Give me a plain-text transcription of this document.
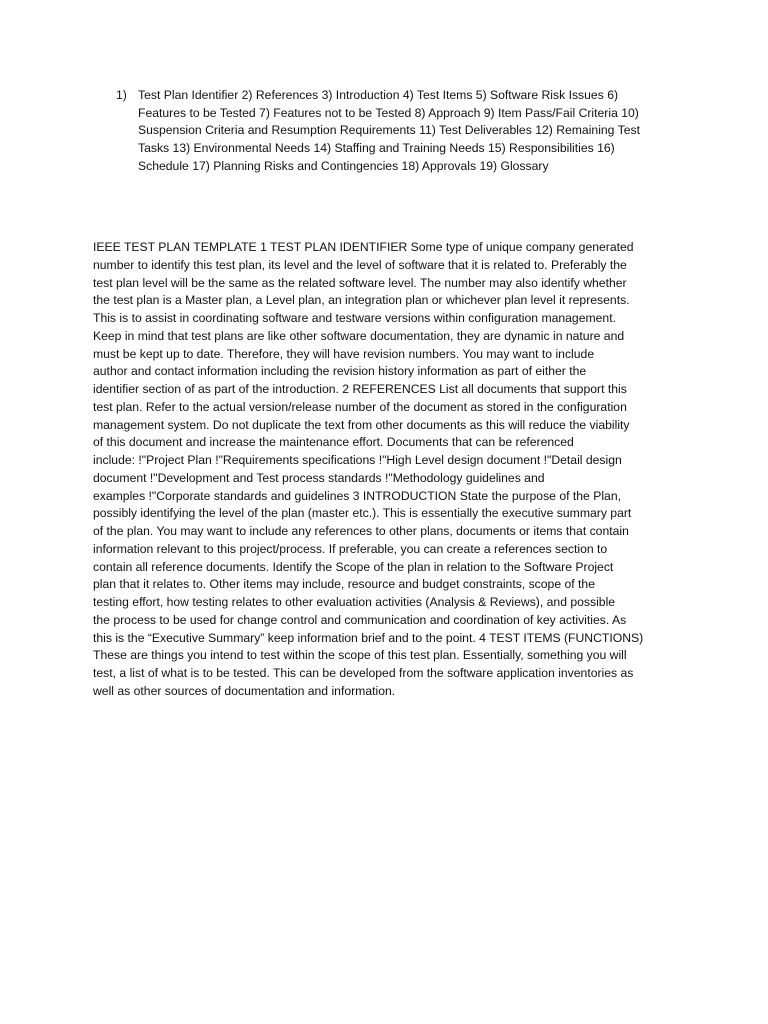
1) Test Plan Identifier 2) References 3) Introduction 4) Test Items 5) Software Risk Issues 6)
Features to be Tested 7) Features not to be Tested 8) Approach 9) Item Pass/Fail Criteria 10)
Suspension Criteria and Resumption Requirements 11) Test Deliverables 12) Remaining Test
Tasks 13) Environmental Needs 14) Staffing and Training Needs 15) Responsibilities 16)
Schedule 17) Planning Risks and Contingencies 18) Approvals 19) Glossary
IEEE TEST PLAN TEMPLATE 1 TEST PLAN IDENTIFIER Some type of unique company generated
number to identify this test plan, its level and the level of software that it is related to. Preferably the
test plan level will be the same as the related software level. The number may also identify whether
the test plan is a Master plan, a Level plan, an integration plan or whichever plan level it represents.
This is to assist in coordinating software and testware versions within configuration management.
Keep in mind that test plans are like other software documentation, they are dynamic in nature and
must be kept up to date. Therefore, they will have revision numbers. You may want to include
author and contact information including the revision history information as part of either the
identifier section of as part of the introduction. 2 REFERENCES List all documents that support this
test plan. Refer to the actual version/release number of the document as stored in the configuration
management system. Do not duplicate the text from other documents as this will reduce the viability
of this document and increase the maintenance effort. Documents that can be referenced
include: !"Project Plan !"Requirements specifications !"High Level design document !"Detail design
document !"Development and Test process standards !"Methodology guidelines and
examples !"Corporate standards and guidelines 3 INTRODUCTION State the purpose of the Plan,
possibly identifying the level of the plan (master etc.). This is essentially the executive summary part
of the plan. You may want to include any references to other plans, documents or items that contain
information relevant to this project/process. If preferable, you can create a references section to
contain all reference documents. Identify the Scope of the plan in relation to the Software Project
plan that it relates to. Other items may include, resource and budget constraints, scope of the
testing effort, how testing relates to other evaluation activities (Analysis & Reviews), and possible
the process to be used for change control and communication and coordination of key activities. As
this is the “Executive Summary” keep information brief and to the point. 4 TEST ITEMS (FUNCTIONS)
These are things you intend to test within the scope of this test plan. Essentially, something you will
test, a list of what is to be tested. This can be developed from the software application inventories as
well as other sources of documentation and information.
